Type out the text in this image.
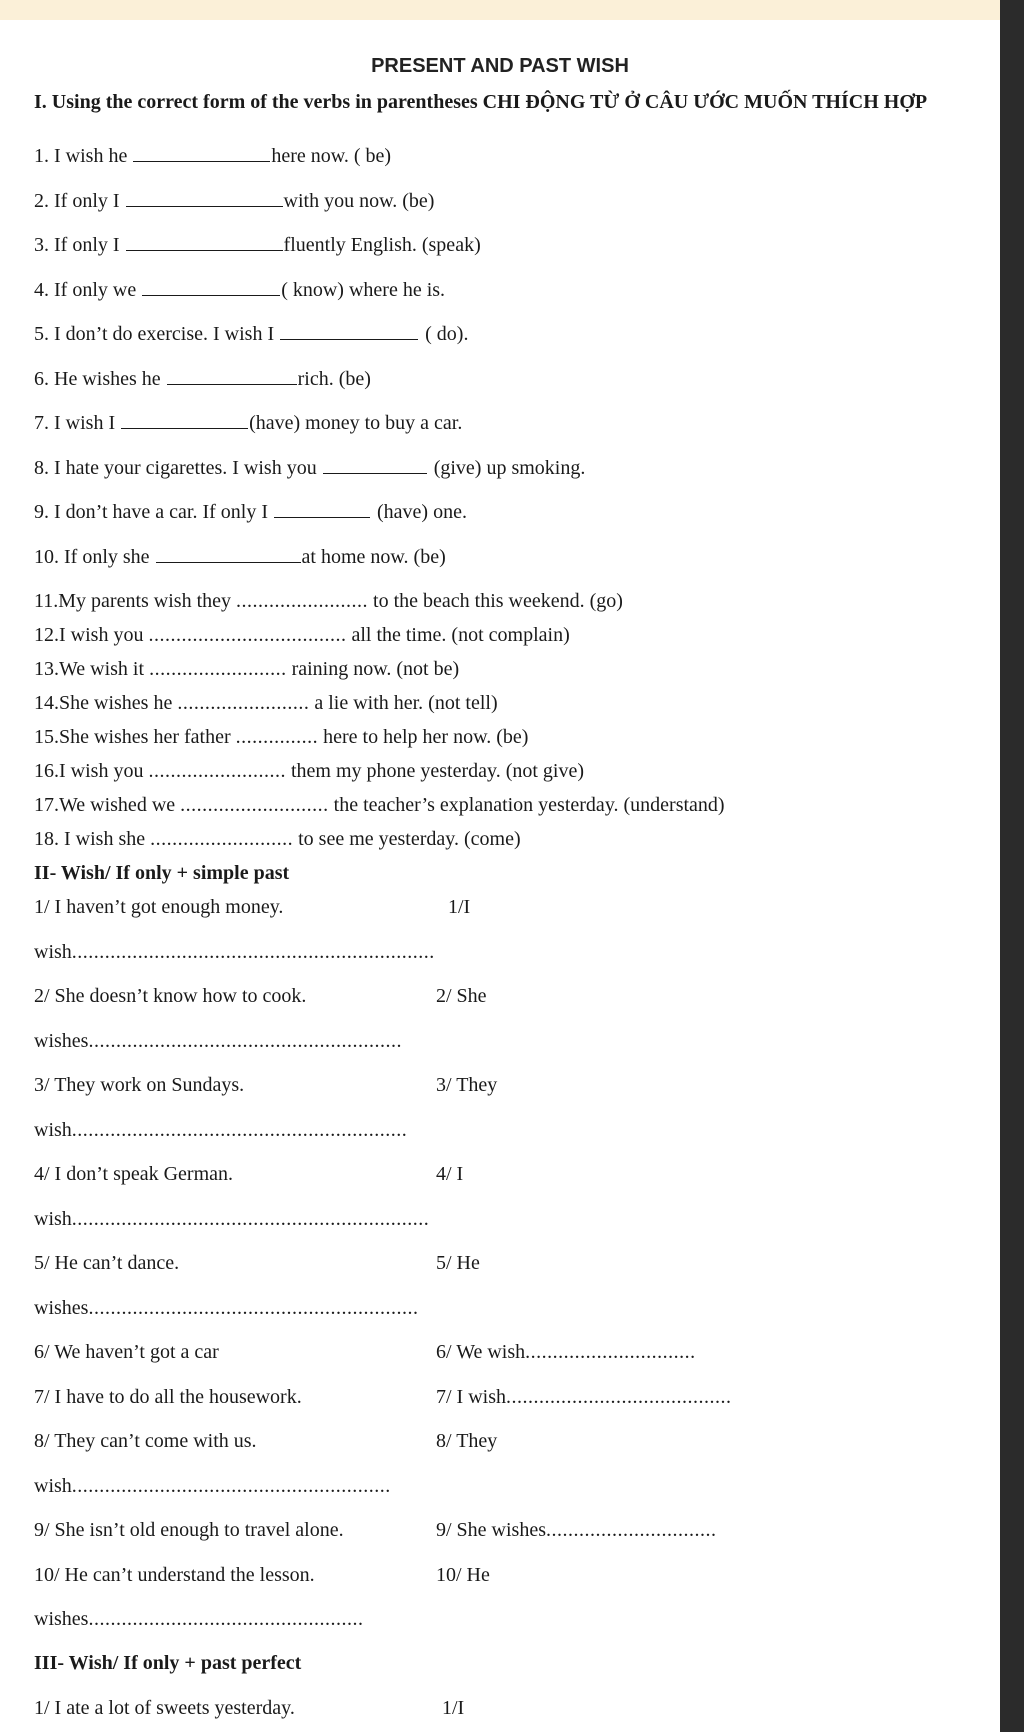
PRESENT AND PAST WISH
I. Using the correct form of the verbs in parentheses CHI ĐỘNG TỪ Ở CÂU ƯỚC MUỐN THÍCH HỢP
1. I wish he	here now. ( be)
2. If only I	with you now. (be)
3. If only I	fluently English. (speak)
4. If only we	( know) where he is.
5. I don’t do exercise. I wish I	( do).
6. He wishes he	rich. (be)
7. I wish I	(have) money to buy a car.
8. I hate your cigarettes. I wish you	(give) up smoking.
9. I don’t have a car. If only I	(have) one.
10. If only she	at home now. (be)
11.My parents wish they ........................ to the beach this weekend. (go)
12.I wish you .................................... all the time. (not complain)
13.We wish it ......................... raining now. (not be)
14.She wishes he ........................ a lie with her. (not tell)
15.She wishes her father ............... here to help her now. (be)
16.I wish you ......................... them my phone yesterday. (not give)
17.We wished we ........................... the teacher’s explanation yesterday. (understand)
18. I wish she .......................... to see me yesterday. (come)
II- Wish/ If only + simple past
1/ I haven’t got enough money.	1/I
wish..................................................................
2/ She doesn’t know how to cook.	2/ She
wishes.........................................................
3/ They work on Sundays.	3/ They
wish.............................................................
4/ I don’t speak German.	4/ I
wish.................................................................
5/ He can’t dance.	5/ He
wishes............................................................
6/ We haven’t got a car	6/ We wish...............................
7/ I have to do all the housework.	7/ I wish.........................................
8/ They can’t come with us.	8/ They
wish..........................................................
9/ She isn’t old enough to travel alone.	9/ She wishes...............................
10/ He can’t understand the lesson.	10/ He
wishes..................................................
III- Wish/ If only + past perfect
1/ I ate a lot of sweets yesterday.	1/I
